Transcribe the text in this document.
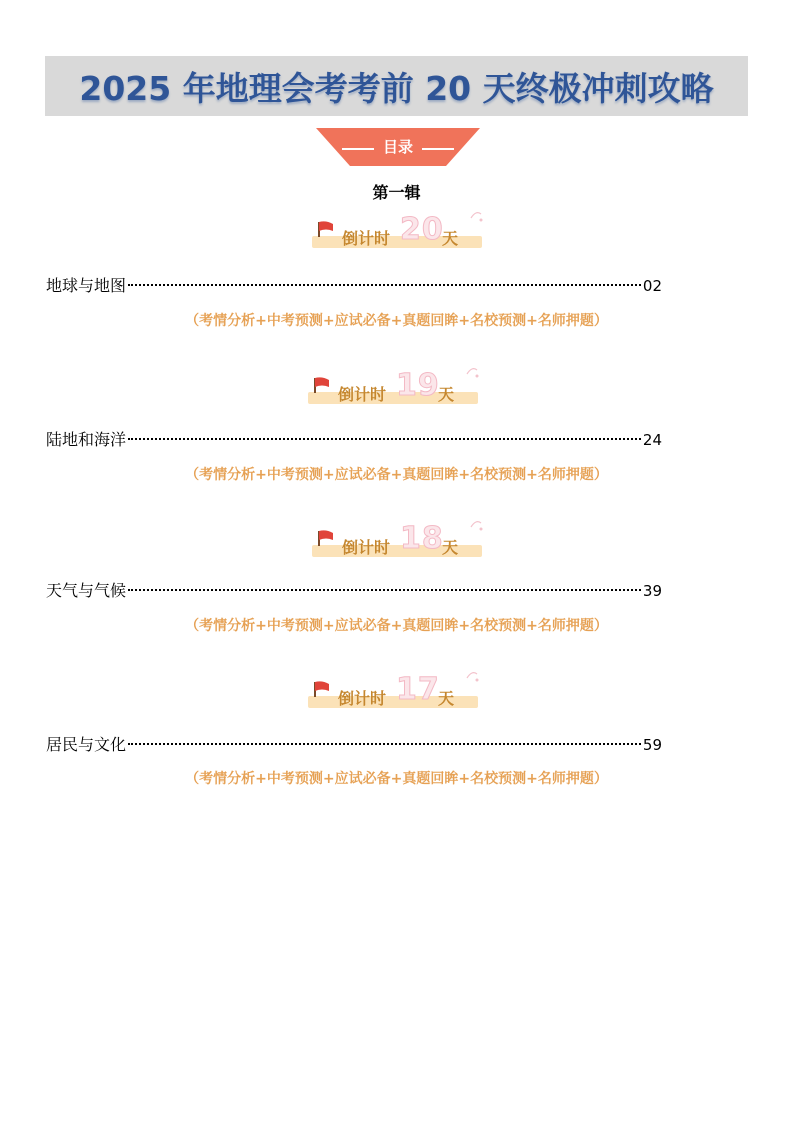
2025 年地理会考考前 20 天终极冲刺攻略
目录
第一辑
倒计时 20
天
地球与地图	02
（考情分析+中考预测+应试必备+真题回眸+名校预测+名师押题）
倒计时 19
天
陆地和海洋	24
（考情分析+中考预测+应试必备+真题回眸+名校预测+名师押题）
倒计时 18
天
天气与气候	39
（考情分析+中考预测+应试必备+真题回眸+名校预测+名师押题）
倒计时 17
天
居民与文化	59
（考情分析+中考预测+应试必备+真题回眸+名校预测+名师押题）
